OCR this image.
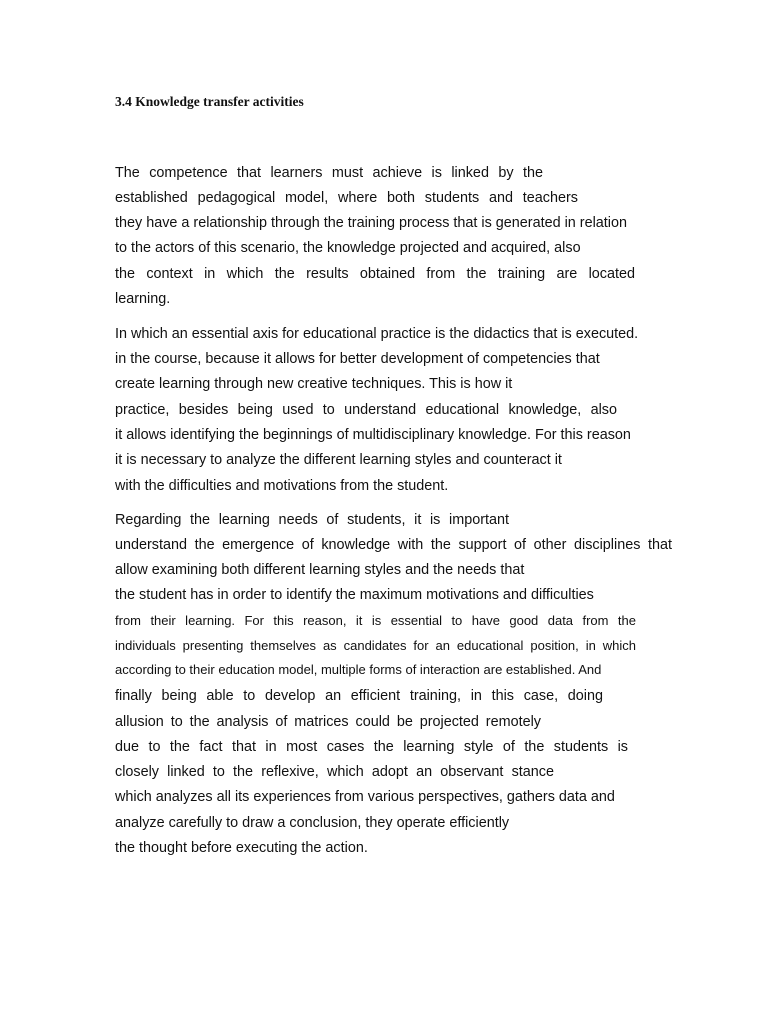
3.4 Knowledge transfer activities

The competence that learners must achieve is linked by the

established pedagogical model, where both students and teachers

they have a relationship through the training process that is generated in relation

to the actors of this scenario, the knowledge projected and acquired, also

the context in which the results obtained from the training are located

learning.

In which an essential axis for educational practice is the didactics that is executed.

in the course, because it allows for better development of competencies that

create learning through new creative techniques. This is how it

practice, besides being used to understand educational knowledge, also

it allows identifying the beginnings of multidisciplinary knowledge. For this reason

it is necessary to analyze the different learning styles and counteract it

with the difficulties and motivations from the student.

Regarding the learning needs of students, it is important

understand the emergence of knowledge with the support of other disciplines that

allow examining both different learning styles and the needs that

the student has in order to identify the maximum motivations and difficulties

from their learning. For this reason, it is essential to have good data from the

individuals presenting themselves as candidates for an educational position, in which

according to their education model, multiple forms of interaction are established. And

finally being able to develop an efficient training, in this case, doing

allusion to the analysis of matrices could be projected remotely

due to the fact that in most cases the learning style of the students is

closely linked to the reflexive, which adopt an observant stance

which analyzes all its experiences from various perspectives, gathers data and

analyze carefully to draw a conclusion, they operate efficiently

the thought before executing the action.
